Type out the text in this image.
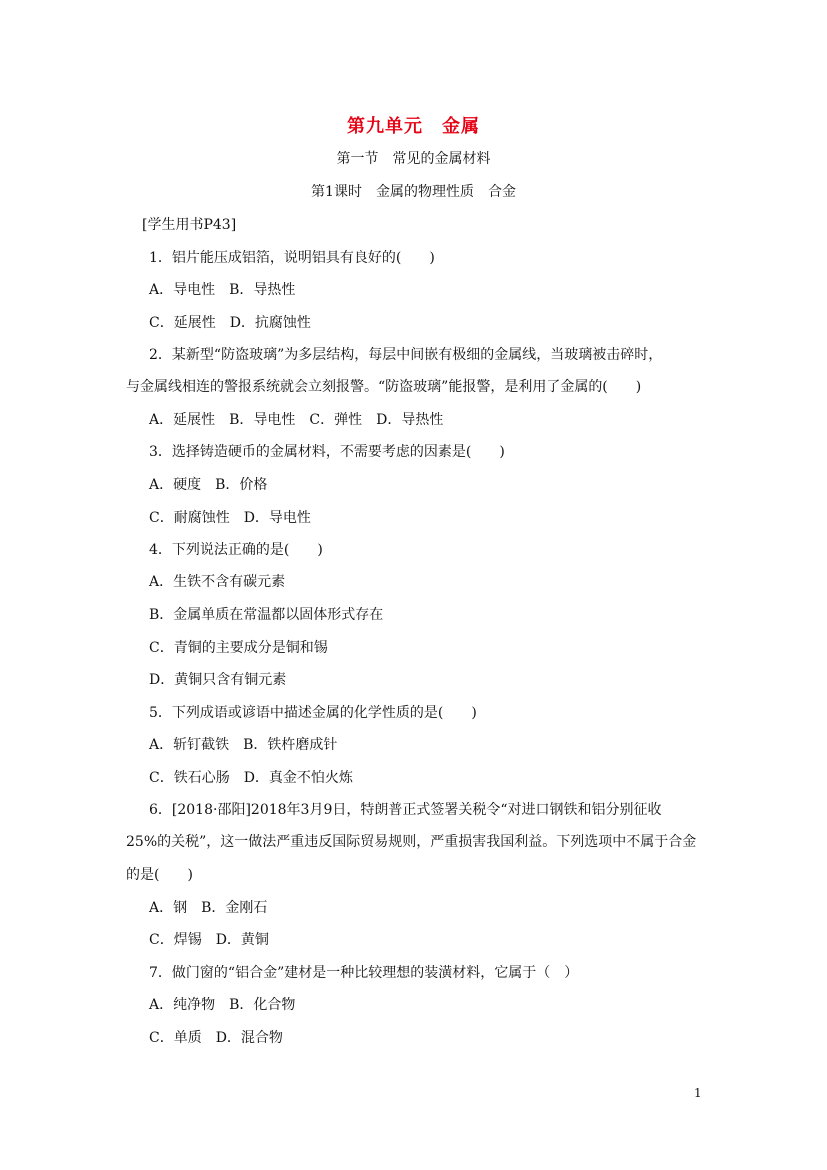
第九单元　金属
第一节　常见的金属材料
第1课时　金属的物理性质　合金
[学生用书P43]
1．铝片能压成铝箔，说明铝具有良好的(　　)
A．导电性　B．导热性
C．延展性　D．抗腐蚀性
2．某新型“防盗玻璃”为多层结构，每层中间嵌有极细的金属线，当玻璃被击碎时，
与金属线相连的警报系统就会立刻报警。“防盗玻璃”能报警，是利用了金属的(　　)
A．延展性　B．导电性　C．弹性　D．导热性
3．选择铸造硬币的金属材料，不需要考虑的因素是(　　)
A．硬度　B．价格
C．耐腐蚀性　D．导电性
4．下列说法正确的是(　　)
A．生铁不含有碳元素
B．金属单质在常温都以固体形式存在
C．青铜的主要成分是铜和锡
D．黄铜只含有铜元素
5．下列成语或谚语中描述金属的化学性质的是(　　)
A．斩钉截铁　B．铁杵磨成针
C．铁石心肠　D．真金不怕火炼
6．[2018·邵阳]2018年3月9日，特朗普正式签署关税令“对进口钢铁和铝分别征收
25%的关税”，这一做法严重违反国际贸易规则，严重损害我国利益。下列选项中不属于合金
的是(　　)
A．钢　B．金刚石
C．焊锡　D．黄铜
7．做门窗的“铝合金”建材是一种比较理想的装潢材料，它属于（　）
A．纯净物　B．化合物
C．单质　D．混合物
1
